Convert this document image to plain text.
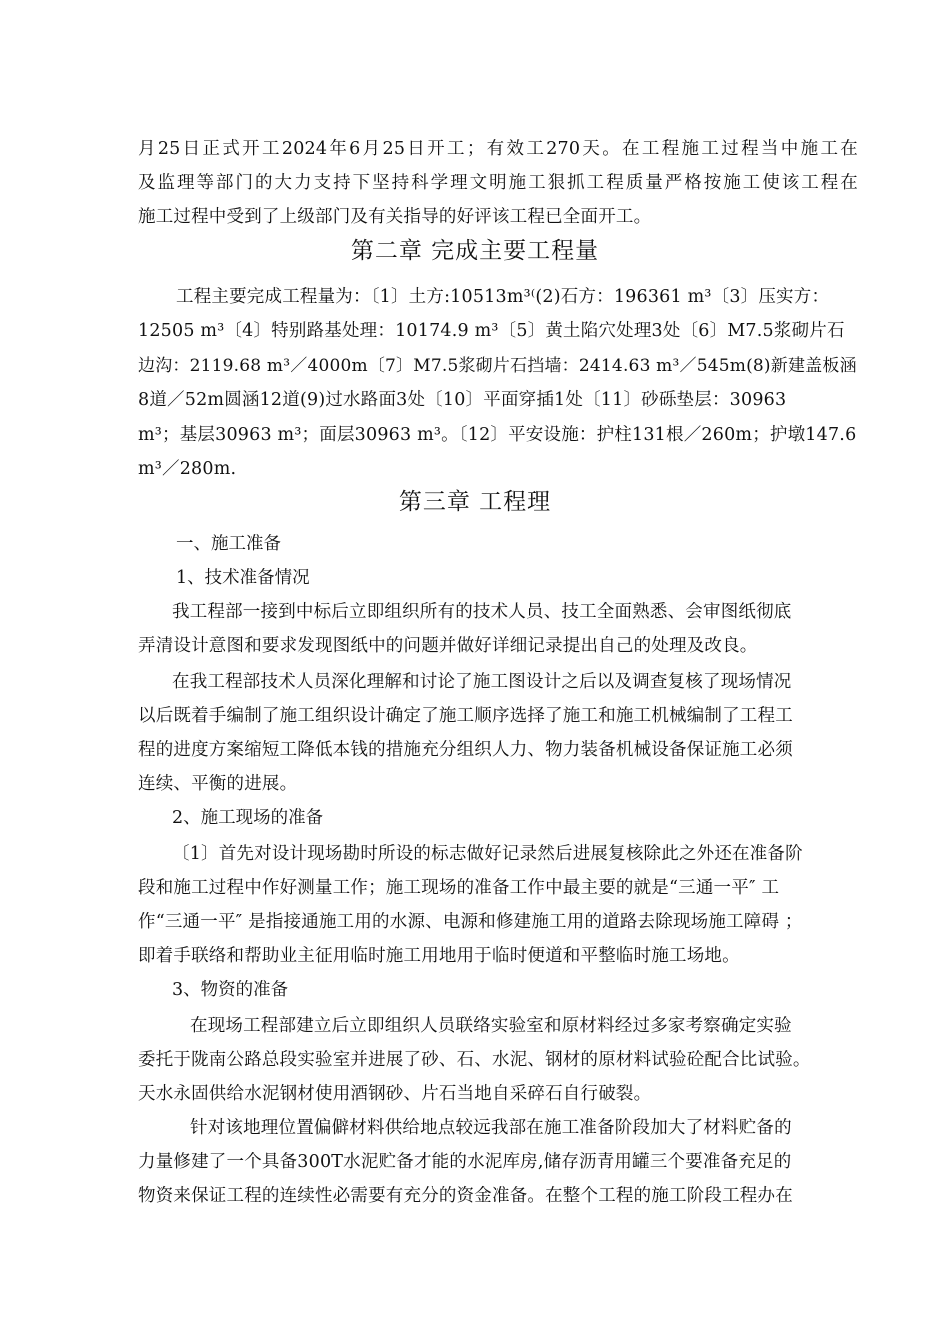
月25日正式开工2024年6月25日开工；有效工270天。在工程施工过程当中施工在
及监理等部门的大力支持下坚持科学理文明施工狠抓工程质量严格按施工使该工程在
施工过程中受到了上级部门及有关指导的好评该工程已全面开工。
第二章 完成主要工程量
工程主要完成工程量为：〔1〕土方:10513m³⁽(2)石方：196361 m³〔3〕压实方：
12505 m³〔4〕特别路基处理：10174.9 m³〔5〕黄土陷穴处理3处〔6〕M7.5浆砌片石
边沟：2119.68 m³／4000m〔7〕M7.5浆砌片石挡墙：2414.63 m³／545m(8)新建盖板涵
8道／52m圆涵12道(9)过水路面3处〔10〕平面穿插1处〔11〕砂砾垫层：30963
m³；基层30963 m³；面层30963 m³。〔12〕平安设施：护柱131根／260m；护墩147.6
m³／280m.
第三章 工程理
一、施工准备
1、技术准备情况
我工程部一接到中标后立即组织所有的技术人员、技工全面熟悉、会审图纸彻底
弄清设计意图和要求发现图纸中的问题并做好详细记录提出自己的处理及改良。
在我工程部技术人员深化理解和讨论了施工图设计之后以及调查复核了现场情况
以后既着手编制了施工组织设计确定了施工顺序选择了施工和施工机械编制了工程工
程的进度方案缩短工降低本钱的措施充分组织人力、物力装备机械设备保证施工必须
连续、平衡的进展。
2、施工现场的准备
〔1〕首先对设计现场勘时所设的标志做好记录然后进展复核除此之外还在准备阶
段和施工过程中作好测量工作；施工现场的准备工作中最主要的就是“三通一平″ 工
作“三通一平″ 是指接通施工用的水源、电源和修建施工用的道路去除现场施工障碍 ；
即着手联络和帮助业主征用临时施工用地用于临时便道和平整临时施工场地。
3、物资的准备
在现场工程部建立后立即组织人员联络实验室和原材料经过多家考察确定实验
委托于陇南公路总段实验室并进展了砂、石、水泥、钢材的原材料试验砼配合比试验。
天水永固供给水泥钢材使用酒钢砂、片石当地自采碎石自行破裂。
针对该地理位置偏僻材料供给地点较远我部在施工准备阶段加大了材料贮备的
力量修建了一个具备300T水泥贮备才能的水泥库房,储存沥青用罐三个要准备充足的
物资来保证工程的连续性必需要有充分的资金准备。在整个工程的施工阶段工程办在
